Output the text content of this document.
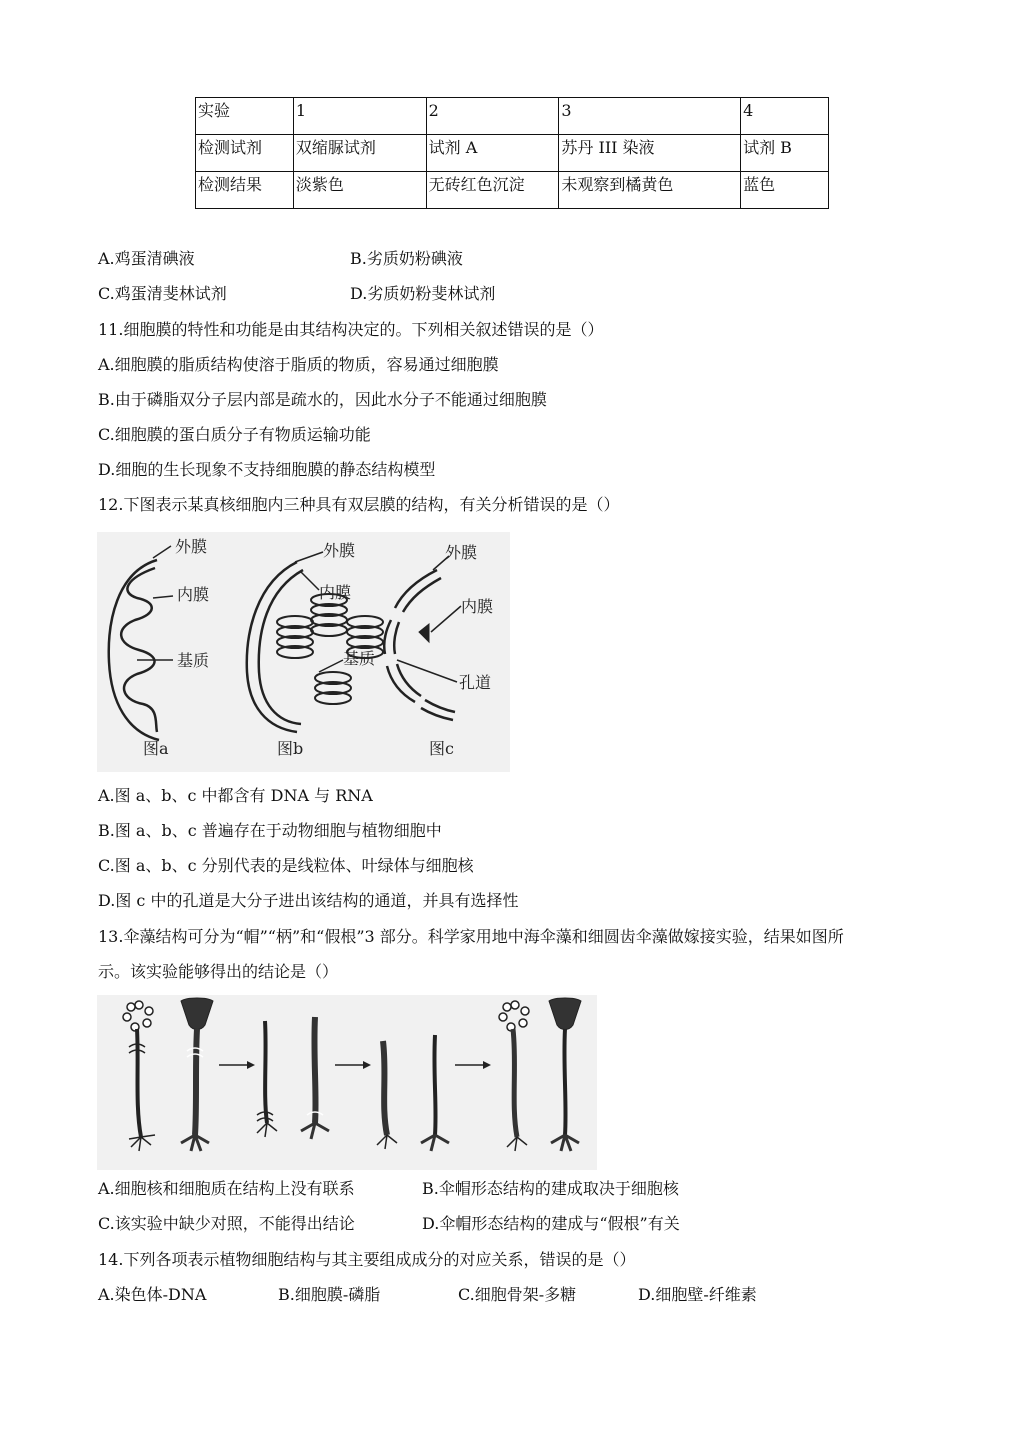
实验	1	2	3	4
检测试剂	双缩脲试剂	试剂 A	苏丹 III 染液	试剂 B
检测结果	淡紫色	无砖红色沉淀	未观察到橘黄色	蓝色
A.鸡蛋清碘液	B.劣质奶粉碘液
C.鸡蛋清斐林试剂	D.劣质奶粉斐林试剂
11.细胞膜的特性和功能是由其结构决定的。下列相关叙述错误的是（）
A.细胞膜的脂质结构使溶于脂质的物质，容易通过细胞膜
B.由于磷脂双分子层内部是疏水的，因此水分子不能通过细胞膜
C.细胞膜的蛋白质分子有物质运输功能
D.细胞的生长现象不支持细胞膜的静态结构模型
12.下图表示某真核细胞内三种具有双层膜的结构，有关分析错误的是（）
外膜
内膜
基质
图a
外膜
内膜
基质
图b
外膜
内膜
孔道
图c
A.图 a、b、c 中都含有 DNA 与 RNA
B.图 a、b、c 普遍存在于动物细胞与植物细胞中
C.图 a、b、c 分别代表的是线粒体、叶绿体与细胞核
D.图 c 中的孔道是大分子进出该结构的通道，并具有选择性
13.伞藻结构可分为“帽”“柄”和“假根”3 部分。科学家用地中海伞藻和细圆齿伞藻做嫁接实验，结果如图所
示。该实验能够得出的结论是（）
A.细胞核和细胞质在结构上没有联系	B.伞帽形态结构的建成取决于细胞核
C.该实验中缺少对照，不能得出结论	D.伞帽形态结构的建成与“假根”有关
14.下列各项表示植物细胞结构与其主要组成成分的对应关系，错误的是（）
A.染色体-DNA	B.细胞膜-磷脂	C.细胞骨架-多糖	D.细胞壁-纤维素
